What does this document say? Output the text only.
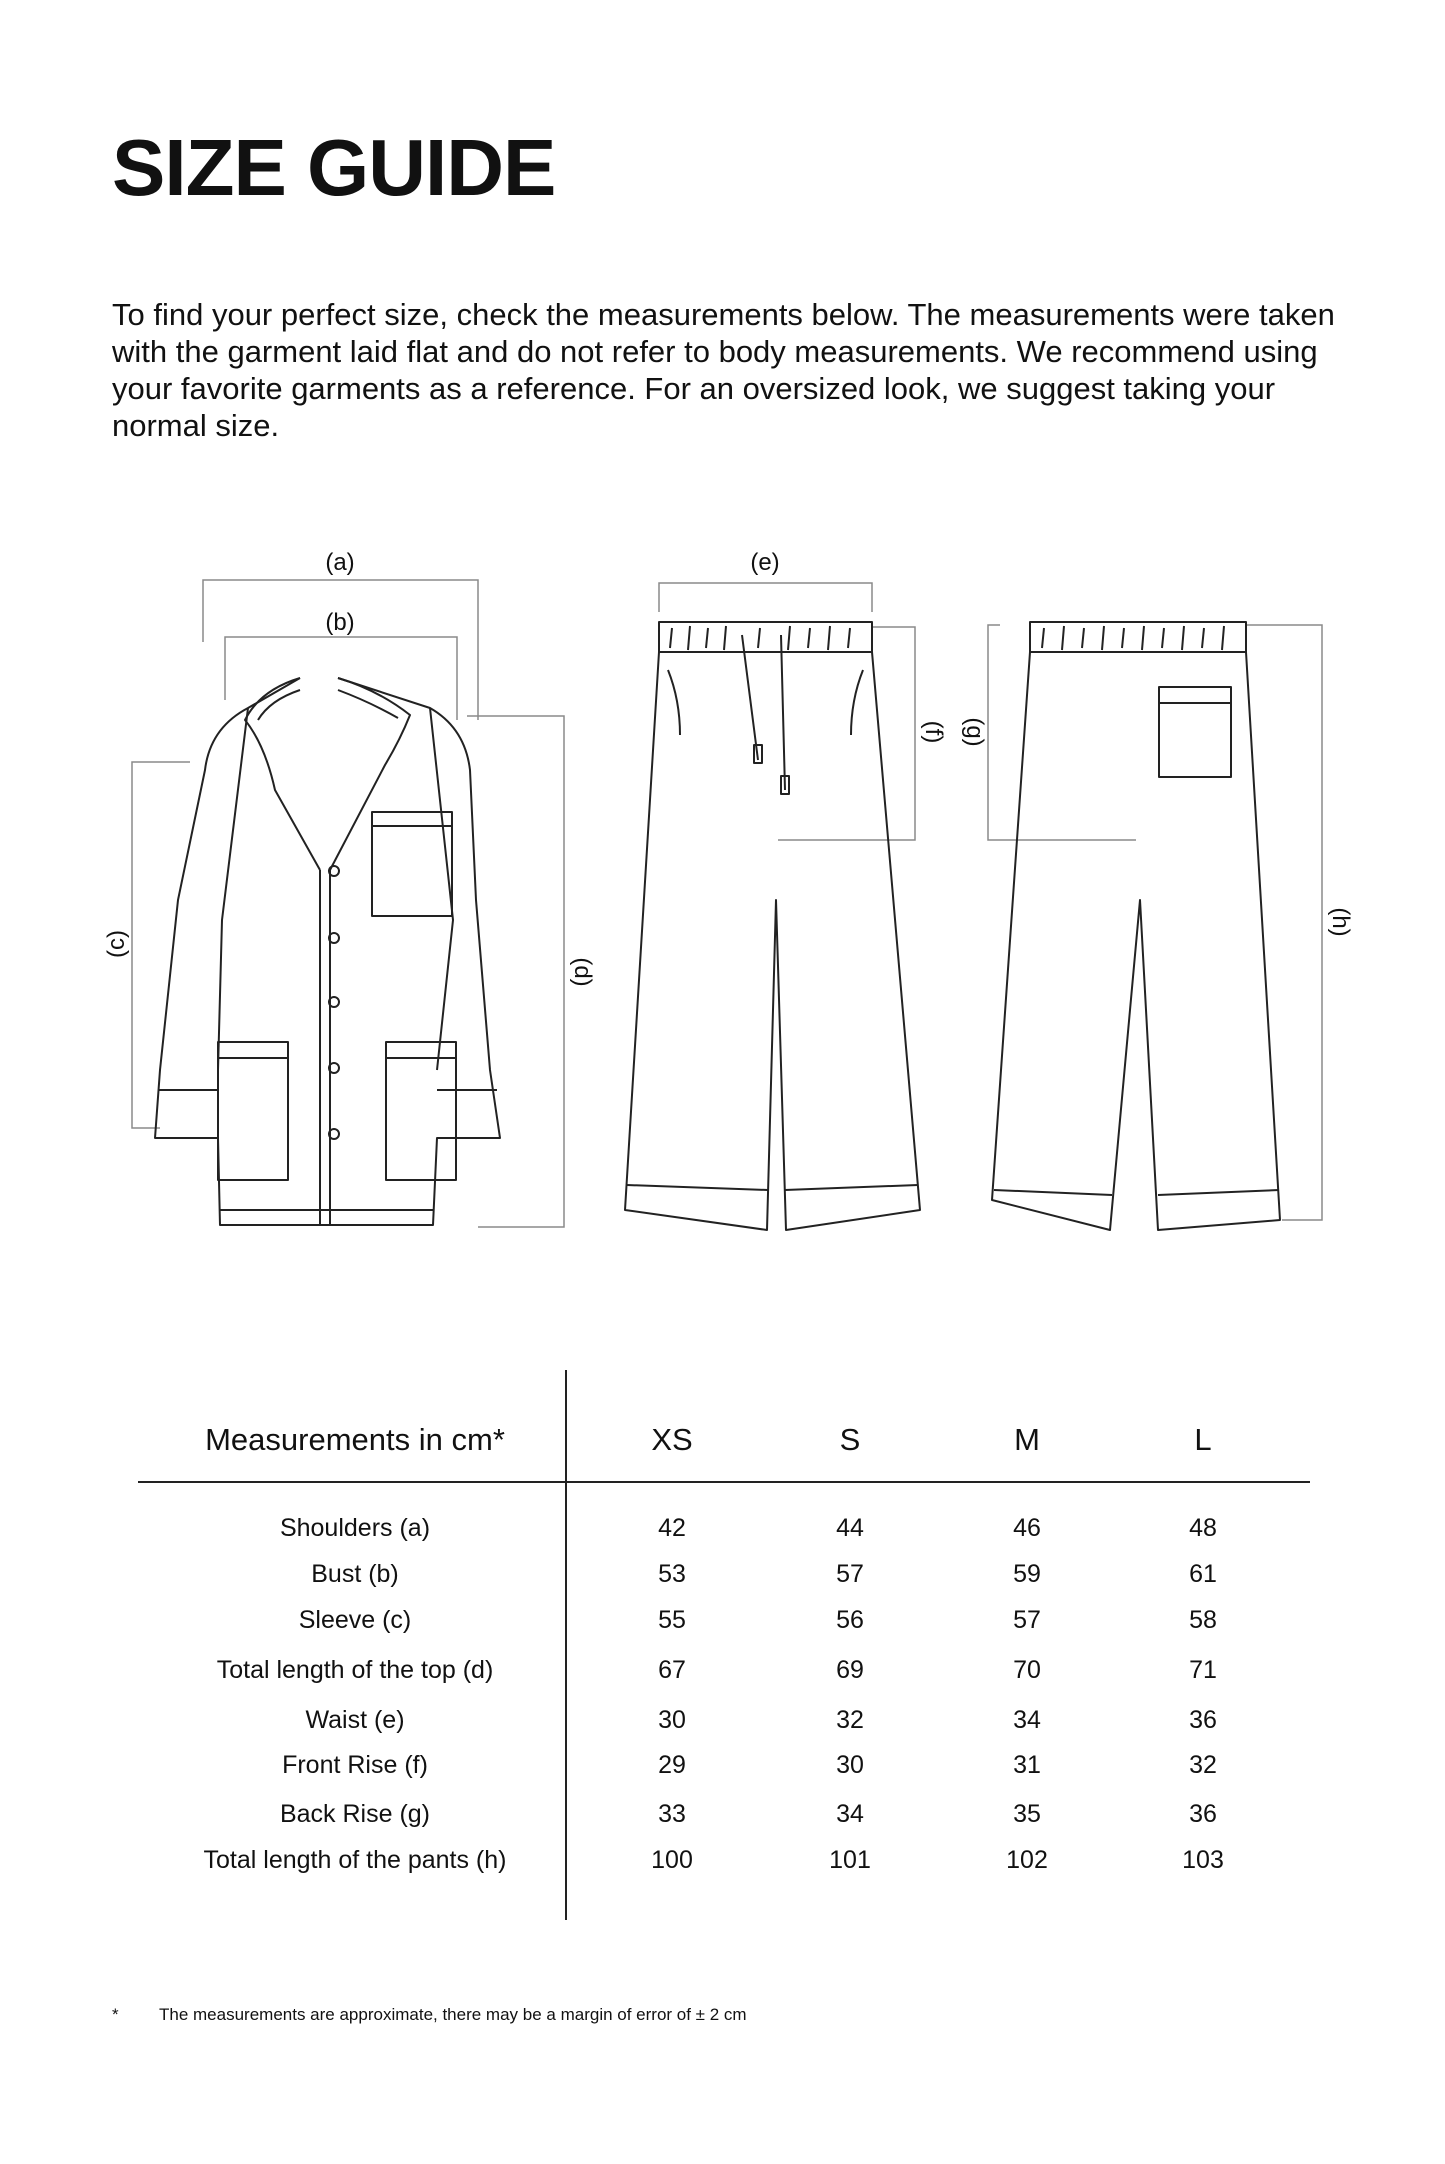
SIZE GUIDE

To find your perfect size, check the measurements below. The measurements were taken with the garment laid flat and do not refer to body measurements. We recommend using your favorite garments as a reference. For an oversized look, we suggest taking your normal size.

(a)
(b)
(e)
(c)
(d)
(f) (g)
(h)
Measurements in cm*	XS	S	M	L
Shoulders (a)	42	44	46	48
Bust (b)	53	57	59	61
Sleeve (c)	55	56	57	58
Total length of the top (d)	67	69	70	71
Waist (e)	30	32	34	36
Front Rise (f)	29	30	31	32
Back Rise (g)	33	34	35	36
Total length of the pants (h)	100	101	102	103
* The measurements are approximate, there may be a margin of error of ± 2 cm
